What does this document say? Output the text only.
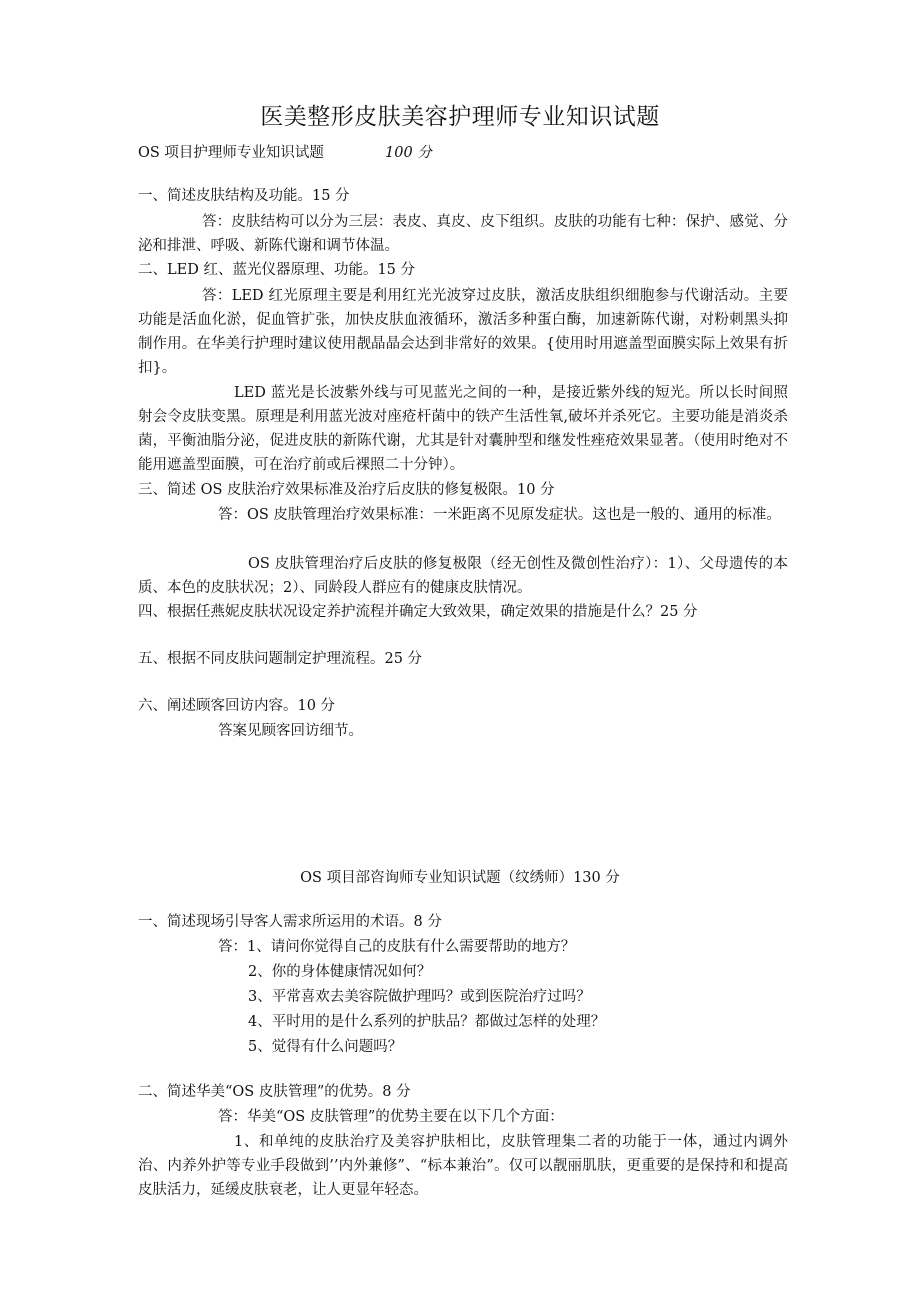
医美整形皮肤美容护理师专业知识试题
OS 项目护理师专业知识试题	100 分
一、简述皮肤结构及功能。15 分
答：皮肤结构可以分为三层：表皮、真皮、皮下组织。皮肤的功能有七种：保护、感觉、分泌和排泄、呼吸、新陈代谢和调节体温。
二、LED 红、蓝光仪器原理、功能。15 分
答：LED 红光原理主要是利用红光光波穿过皮肤，激活皮肤组织细胞参与代谢活动。主要功能是活血化淤，促血管扩张，加快皮肤血液循环，激活多种蛋白酶，加速新陈代谢，对粉刺黑头抑制作用。在华美行护理时建议使用靓晶晶会达到非常好的效果。{使用时用遮盖型面膜实际上效果有折扣}。
LED 蓝光是长波紫外线与可见蓝光之间的一种，是接近紫外线的短光。所以长时间照射会令皮肤变黑。原理是利用蓝光波对座疮杆菌中的铁产生活性氧,破坏并杀死它。主要功能是消炎杀菌，平衡油脂分泌，促进皮肤的新陈代谢，尤其是针对囊肿型和继发性痤疮效果显著。（使用时绝对不能用遮盖型面膜，可在治疗前或后裸照二十分钟）。
三、简述 OS 皮肤治疗效果标准及治疗后皮肤的修复极限。10 分
答：OS 皮肤管理治疗效果标准：一米距离不见原发症状。这也是一般的、通用的标准。
OS 皮肤管理治疗后皮肤的修复极限（经无创性及微创性治疗）：1）、父母遗传的本质、本色的皮肤状况；2）、同龄段人群应有的健康皮肤情况。
四、根据任燕妮皮肤状况设定养护流程并确定大致效果，确定效果的措施是什么？25 分
五、根据不同皮肤问题制定护理流程。25 分
六、阐述顾客回访内容。10 分
答案见顾客回访细节。
OS 项目部咨询师专业知识试题（纹绣师）130 分
一、简述现场引导客人需求所运用的术语。8 分
答：1、请问你觉得自己的皮肤有什么需要帮助的地方？
2、你的身体健康情况如何？
3、平常喜欢去美容院做护理吗？或到医院治疗过吗？
4、平时用的是什么系列的护肤品？都做过怎样的处理？
5、觉得有什么问题吗？
二、简述华美“OS 皮肤管理”的优势。8 分
答：华美“OS 皮肤管理”的优势主要在以下几个方面：
1、和单纯的皮肤治疗及美容护肤相比，皮肤管理集二者的功能于一体，通过内调外治、内养外护等专业手段做到’’内外兼修”、“标本兼治”。仅可以靓丽肌肤，更重要的是保持和和提高皮肤活力，延缓皮肤衰老，让人更显年轻态。
